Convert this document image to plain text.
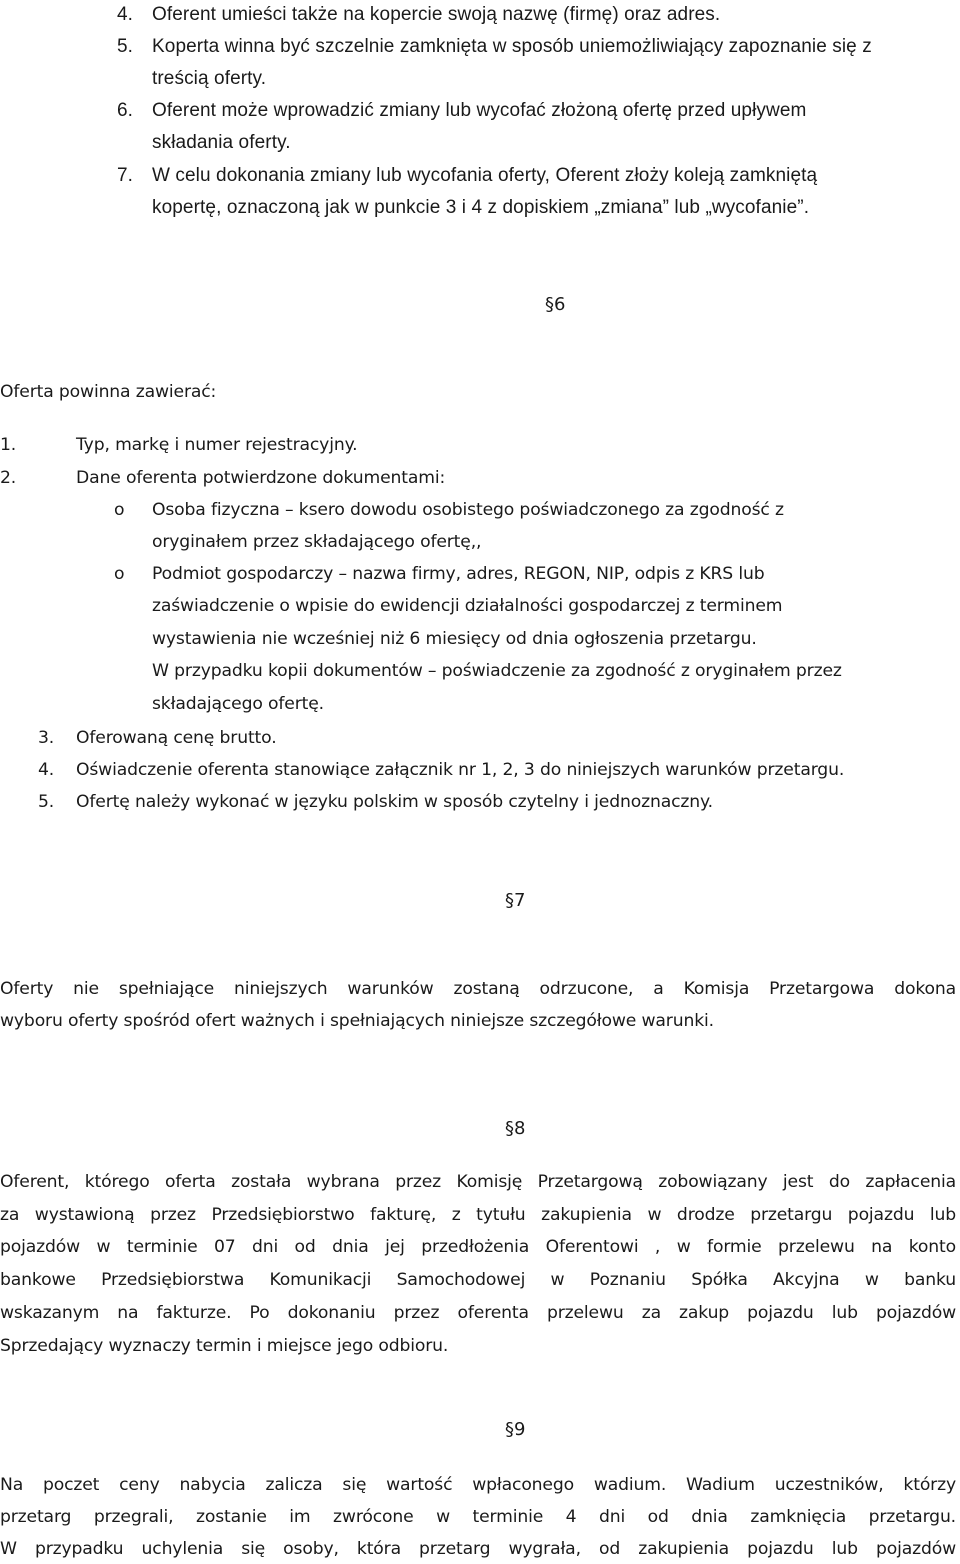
4. Oferent umieści także na kopercie swoją nazwę (firmę) oraz adres.
5. Koperta winna być szczelnie zamknięta w sposób uniemożliwiający zapoznanie się z
treścią oferty.
6. Oferent może wprowadzić zmiany lub wycofać złożoną ofertę przed upływem
składania oferty.
7. W celu dokonania zmiany lub wycofania oferty, Oferent złoży koleją zamkniętą
kopertę, oznaczoną jak w punkcie 3 i 4 z dopiskiem „zmiana” lub „wycofanie”.
§6
Oferta powinna zawierać:
1.	Typ, markę i numer rejestracyjny.
2.	Dane oferenta potwierdzone dokumentami:
o Osoba fizyczna – ksero dowodu osobistego poświadczonego za zgodność z
oryginałem przez składającego ofertę,,
o Podmiot gospodarczy – nazwa firmy, adres, REGON, NIP, odpis z KRS lub
zaświadczenie o wpisie do ewidencji działalności gospodarczej z terminem
wystawienia nie wcześniej niż 6 miesięcy od dnia ogłoszenia przetargu.
W przypadku kopii dokumentów – poświadczenie za zgodność z oryginałem przez
składającego ofertę.
3. Oferowaną cenę brutto.
4. Oświadczenie oferenta stanowiące załącznik nr 1, 2, 3 do niniejszych warunków przetargu.
5. Ofertę należy wykonać w języku polskim w sposób czytelny i jednoznaczny.
§7
Oferty nie spełniające niniejszych warunków zostaną odrzucone, a Komisja Przetargowa dokona
wyboru oferty spośród ofert ważnych i spełniających niniejsze szczegółowe warunki.
§8
Oferent, którego oferta została wybrana przez Komisję Przetargową zobowiązany jest do zapłacenia
za wystawioną przez Przedsiębiorstwo fakturę, z tytułu zakupienia w drodze przetargu pojazdu lub
pojazdów w terminie 07 dni od dnia jej przedłożenia Oferentowi , w formie przelewu na konto
bankowe Przedsiębiorstwa Komunikacji Samochodowej w Poznaniu Spółka Akcyjna w banku
wskazanym na fakturze. Po dokonaniu przez oferenta przelewu za zakup pojazdu lub pojazdów
Sprzedający wyznaczy termin i miejsce jego odbioru.
§9
Na poczet ceny nabycia zalicza się wartość wpłaconego wadium. Wadium uczestników, którzy
przetarg przegrali, zostanie im zwrócone w terminie 4 dni od dnia zamknięcia przetargu.
W przypadku uchylenia się osoby, która przetarg wygrała, od zakupienia pojazdu lub pojazdów
